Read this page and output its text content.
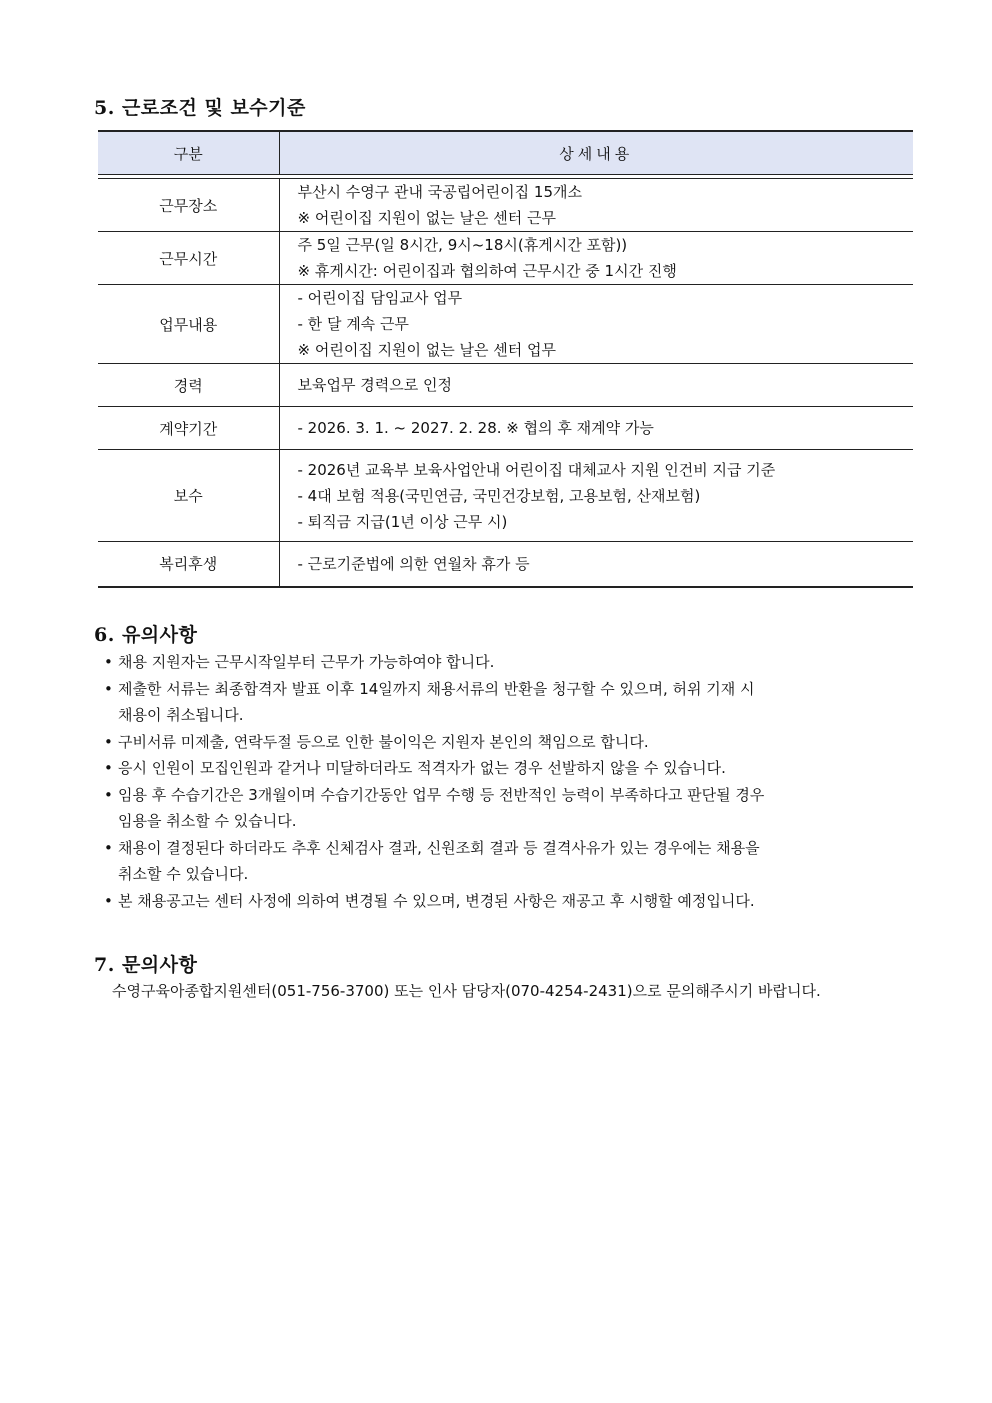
5. 근로조건 및 보수기준
구분	상세내용

근무장소	부산시 수영구 관내 국공립어린이집 15개소
※ 어린이집 지원이 없는 날은 센터 근무

근무시간	주 5일 근무(일 8시간, 9시~18시(휴게시간 포함))
※ 휴게시간: 어린이집과 협의하여 근무시간 중 1시간 진행

업무내용	- 어린이집 담임교사 업무
- 한 달 계속 근무
※ 어린이집 지원이 없는 날은 센터 업무

경력	보육업무 경력으로 인정

계약기간	- 2026. 3. 1. ~ 2027. 2. 28. ※ 협의 후 재계약 가능

보수	- 2026년 교육부 보육사업안내 어린이집 대체교사 지원 인건비 지급 기준
- 4대 보험 적용(국민연금, 국민건강보험, 고용보험, 산재보험)
- 퇴직금 지급(1년 이상 근무 시)

복리후생	- 근로기준법에 의한 연월차 휴가 등
6. 유의사항
• 채용 지원자는 근무시작일부터 근무가 가능하여야 합니다.
• 제출한 서류는 최종합격자 발표 이후 14일까지 채용서류의 반환을 청구할 수 있으며, 허위 기재 시
채용이 취소됩니다.
• 구비서류 미제출, 연락두절 등으로 인한 불이익은 지원자 본인의 책임으로 합니다.
• 응시 인원이 모집인원과 같거나 미달하더라도 적격자가 없는 경우 선발하지 않을 수 있습니다.
• 임용 후 수습기간은 3개월이며 수습기간동안 업무 수행 등 전반적인 능력이 부족하다고 판단될 경우
임용을 취소할 수 있습니다.
• 채용이 결정된다 하더라도 추후 신체검사 결과, 신원조회 결과 등 결격사유가 있는 경우에는 채용을
취소할 수 있습니다.
• 본 채용공고는 센터 사정에 의하여 변경될 수 있으며, 변경된 사항은 재공고 후 시행할 예정입니다.
7. 문의사항
수영구육아종합지원센터(051-756-3700) 또는 인사 담당자(070-4254-2431)으로 문의해주시기 바랍니다.
